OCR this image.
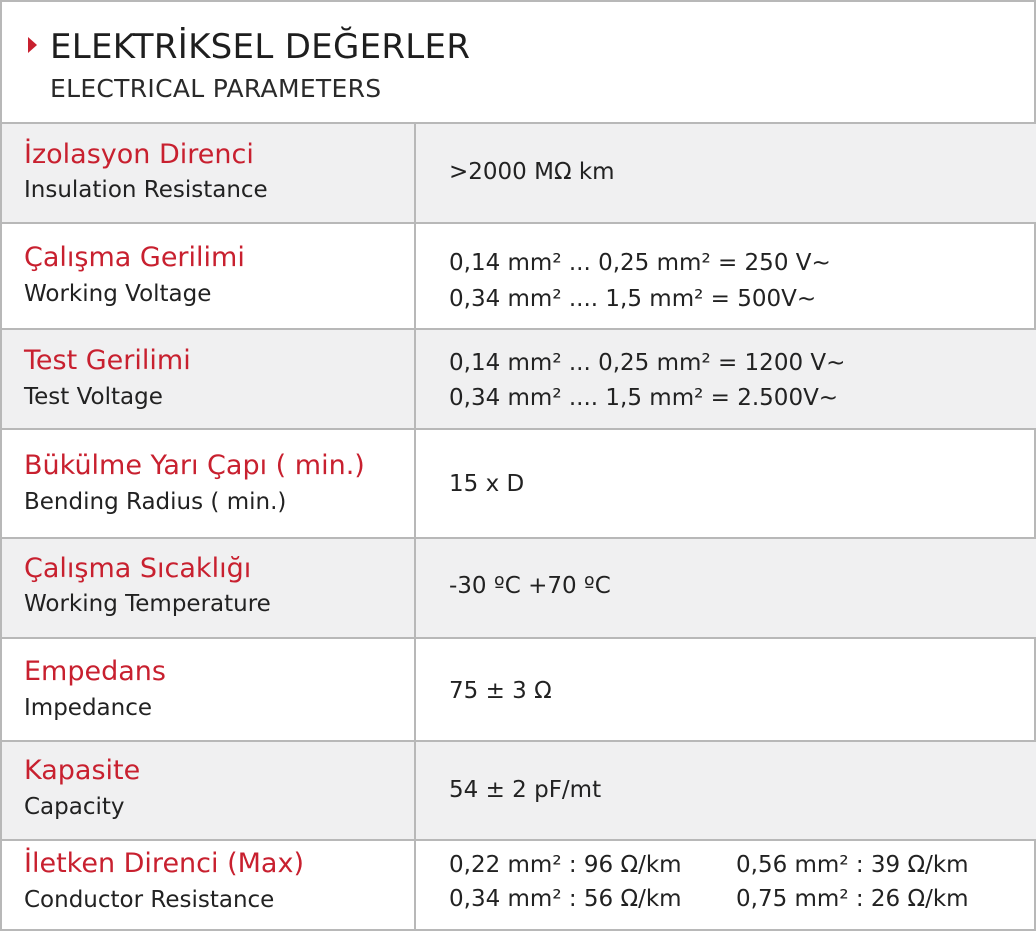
ELEKTRİKSEL DEĞERLER
ELECTRICAL PARAMETERS
İzolasyon Direnci
Insulation Resistance
>2000 MΩ km
Çalışma Gerilimi
Working Voltage
0,14 mm² ... 0,25 mm² = 250 V~
0,34 mm² .... 1,5 mm² = 500V~
Test Gerilimi
Test Voltage
0,14 mm² ... 0,25 mm² = 1200 V~
0,34 mm² .... 1,5 mm² = 2.500V~
Bükülme Yarı Çapı ( min.)
Bending Radius ( min.)
15 x D
Çalışma Sıcaklığı
Working Temperature
-30 ºC +70 ºC
Empedans
Impedance
75 ± 3 Ω
Kapasite
Capacity
54 ± 2 pF/mt
İletken Direnci (Max)
Conductor Resistance
0,22 mm² : 96 Ω/km
0,34 mm² : 56 Ω/km
0,56 mm² : 39 Ω/km
0,75 mm² : 26 Ω/km
